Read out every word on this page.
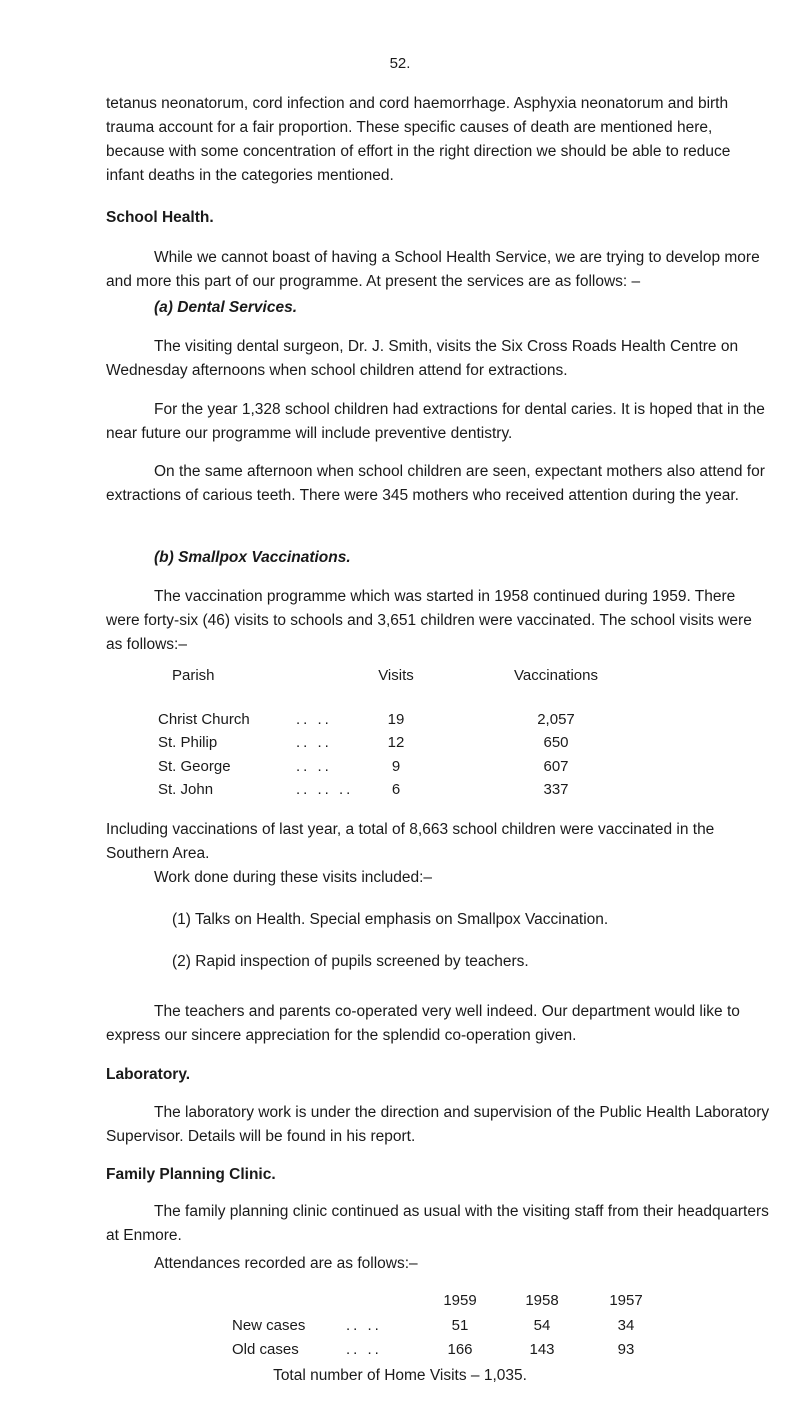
52.

tetanus neonatorum, cord infection and cord haemorrhage. Asphyxia neonatorum and birth trauma account for a fair proportion. These specific causes of death are mentioned here, because with some concentration of effort in the right direction we should be able to reduce infant deaths in the categories mentioned.

School Health.

While we cannot boast of having a School Health Service, we are trying to develop more and more this part of our programme. At present the services are as follows: –

(a) Dental Services.

The visiting dental surgeon, Dr. J. Smith, visits the Six Cross Roads Health Centre on Wednesday afternoons when school children attend for extractions.

For the year 1,328 school children had extractions for dental caries. It is hoped that in the near future our programme will include preventive dentistry.

On the same afternoon when school children are seen, expectant mothers also attend for extractions of carious teeth. There were 345 mothers who received attention during the year.

(b) Smallpox Vaccinations.

The vaccination programme which was started in 1958 continued during 1959. There were forty-six (46) visits to schools and 3,651 children were vaccinated. The school visits were as follows:–

Parish		Visits	Vaccinations
Christ Church	.. ..	19	2,057
St. Philip	.. ..	12	650
St. George	.. ..	9	607
St. John	.. .. ..	6	337

Including vaccinations of last year, a total of 8,663 school children were vaccinated in the Southern Area.

Work done during these visits included:–

(1) Talks on Health. Special emphasis on Smallpox Vaccination.

(2) Rapid inspection of pupils screened by teachers.

The teachers and parents co-operated very well indeed. Our department would like to express our sincere appreciation for the splendid co-operation given.

Laboratory.

The laboratory work is under the direction and supervision of the Public Health Laboratory Supervisor. Details will be found in his report.

Family Planning Clinic.

The family planning clinic continued as usual with the visiting staff from their headquarters at Enmore.

Attendances recorded are as follows:–

		1959	1958	1957
New cases	.. ..	51	54	34
Old cases	.. ..	166	143	93

Total number of Home Visits – 1,035.
